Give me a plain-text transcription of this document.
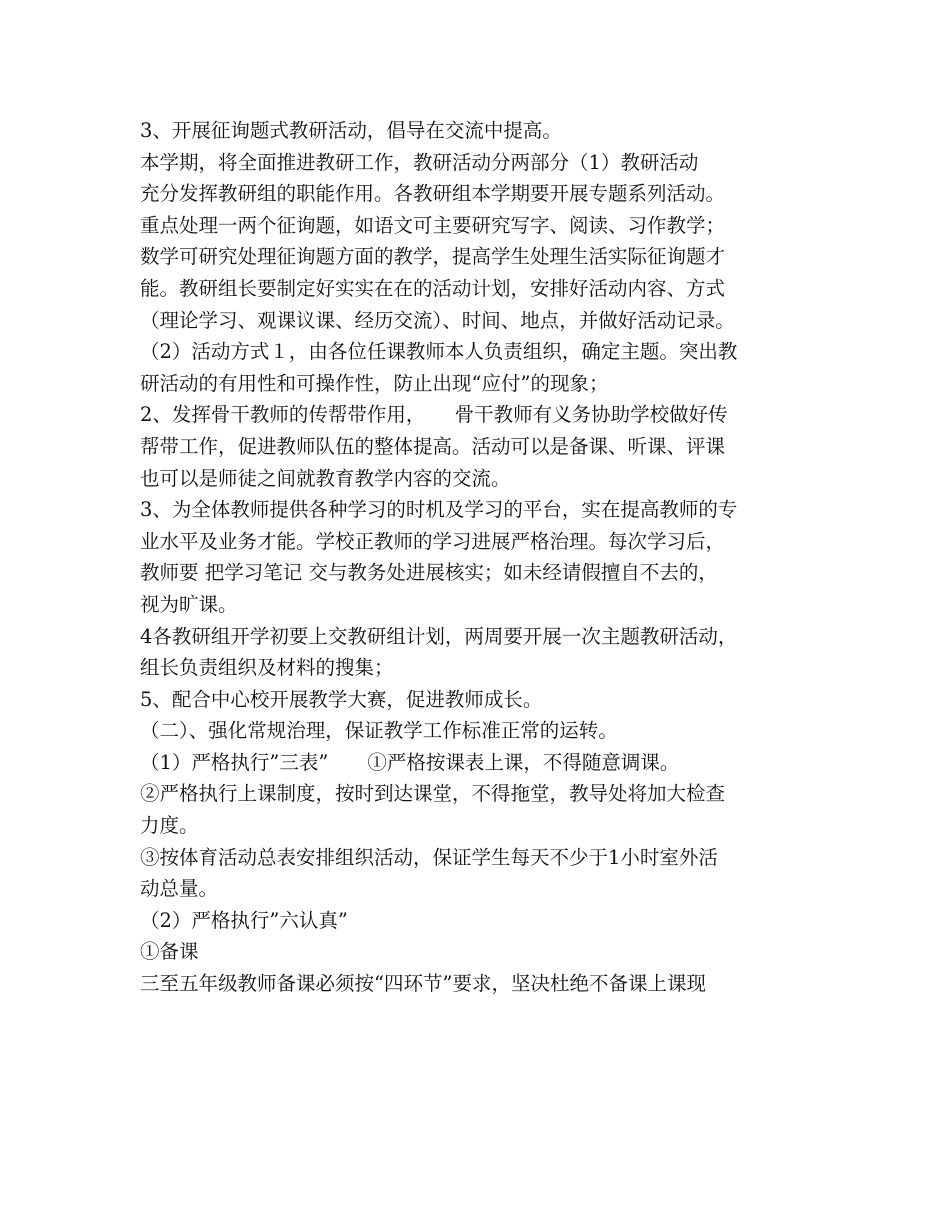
3、开展征询题式教研活动，倡导在交流中提高。
本学期，将全面推进教研工作，教研活动分两部分（1）教研活动
充分发挥教研组的职能作用。各教研组本学期要开展专题系列活动。
重点处理一两个征询题，如语文可主要研究写字、阅读、习作教学；
数学可研究处理征询题方面的教学，提高学生处理生活实际征询题才
能。教研组长要制定好实实在在的活动计划，安排好活动内容、方式
（理论学习、观课议课、经历交流）、时间、地点，并做好活动记录。
（2）活动方式１，由各位任课教师本人负责组织，确定主题。突出教
研活动的有用性和可操作性，防止出现“应付”的现象；
2、发挥骨干教师的传帮带作用，　　骨干教师有义务协助学校做好传
帮带工作，促进教师队伍的整体提高。活动可以是备课、听课、评课
也可以是师徒之间就教育教学内容的交流。
3、为全体教师提供各种学习的时机及学习的平台，实在提高教师的专
业水平及业务才能。学校正教师的学习进展严格治理。每次学习后，
教师要 把学习笔记 交与教务处进展核实；如未经请假擅自不去的，
视为旷课。
4各教研组开学初要上交教研组计划，两周要开展一次主题教研活动，
组长负责组织及材料的搜集；
5、配合中心校开展教学大赛，促进教师成长。
（二）、强化常规治理，保证教学工作标准正常的运转。
（1）严格执行”三表”　　①严格按课表上课，不得随意调课。
②严格执行上课制度，按时到达课堂，不得拖堂，教导处将加大检查
力度。
③按体育活动总表安排组织活动，保证学生每天不少于1小时室外活
动总量。
（2）严格执行”六认真”
①备课
三至五年级教师备课必须按“四环节”要求，坚决杜绝不备课上课现
